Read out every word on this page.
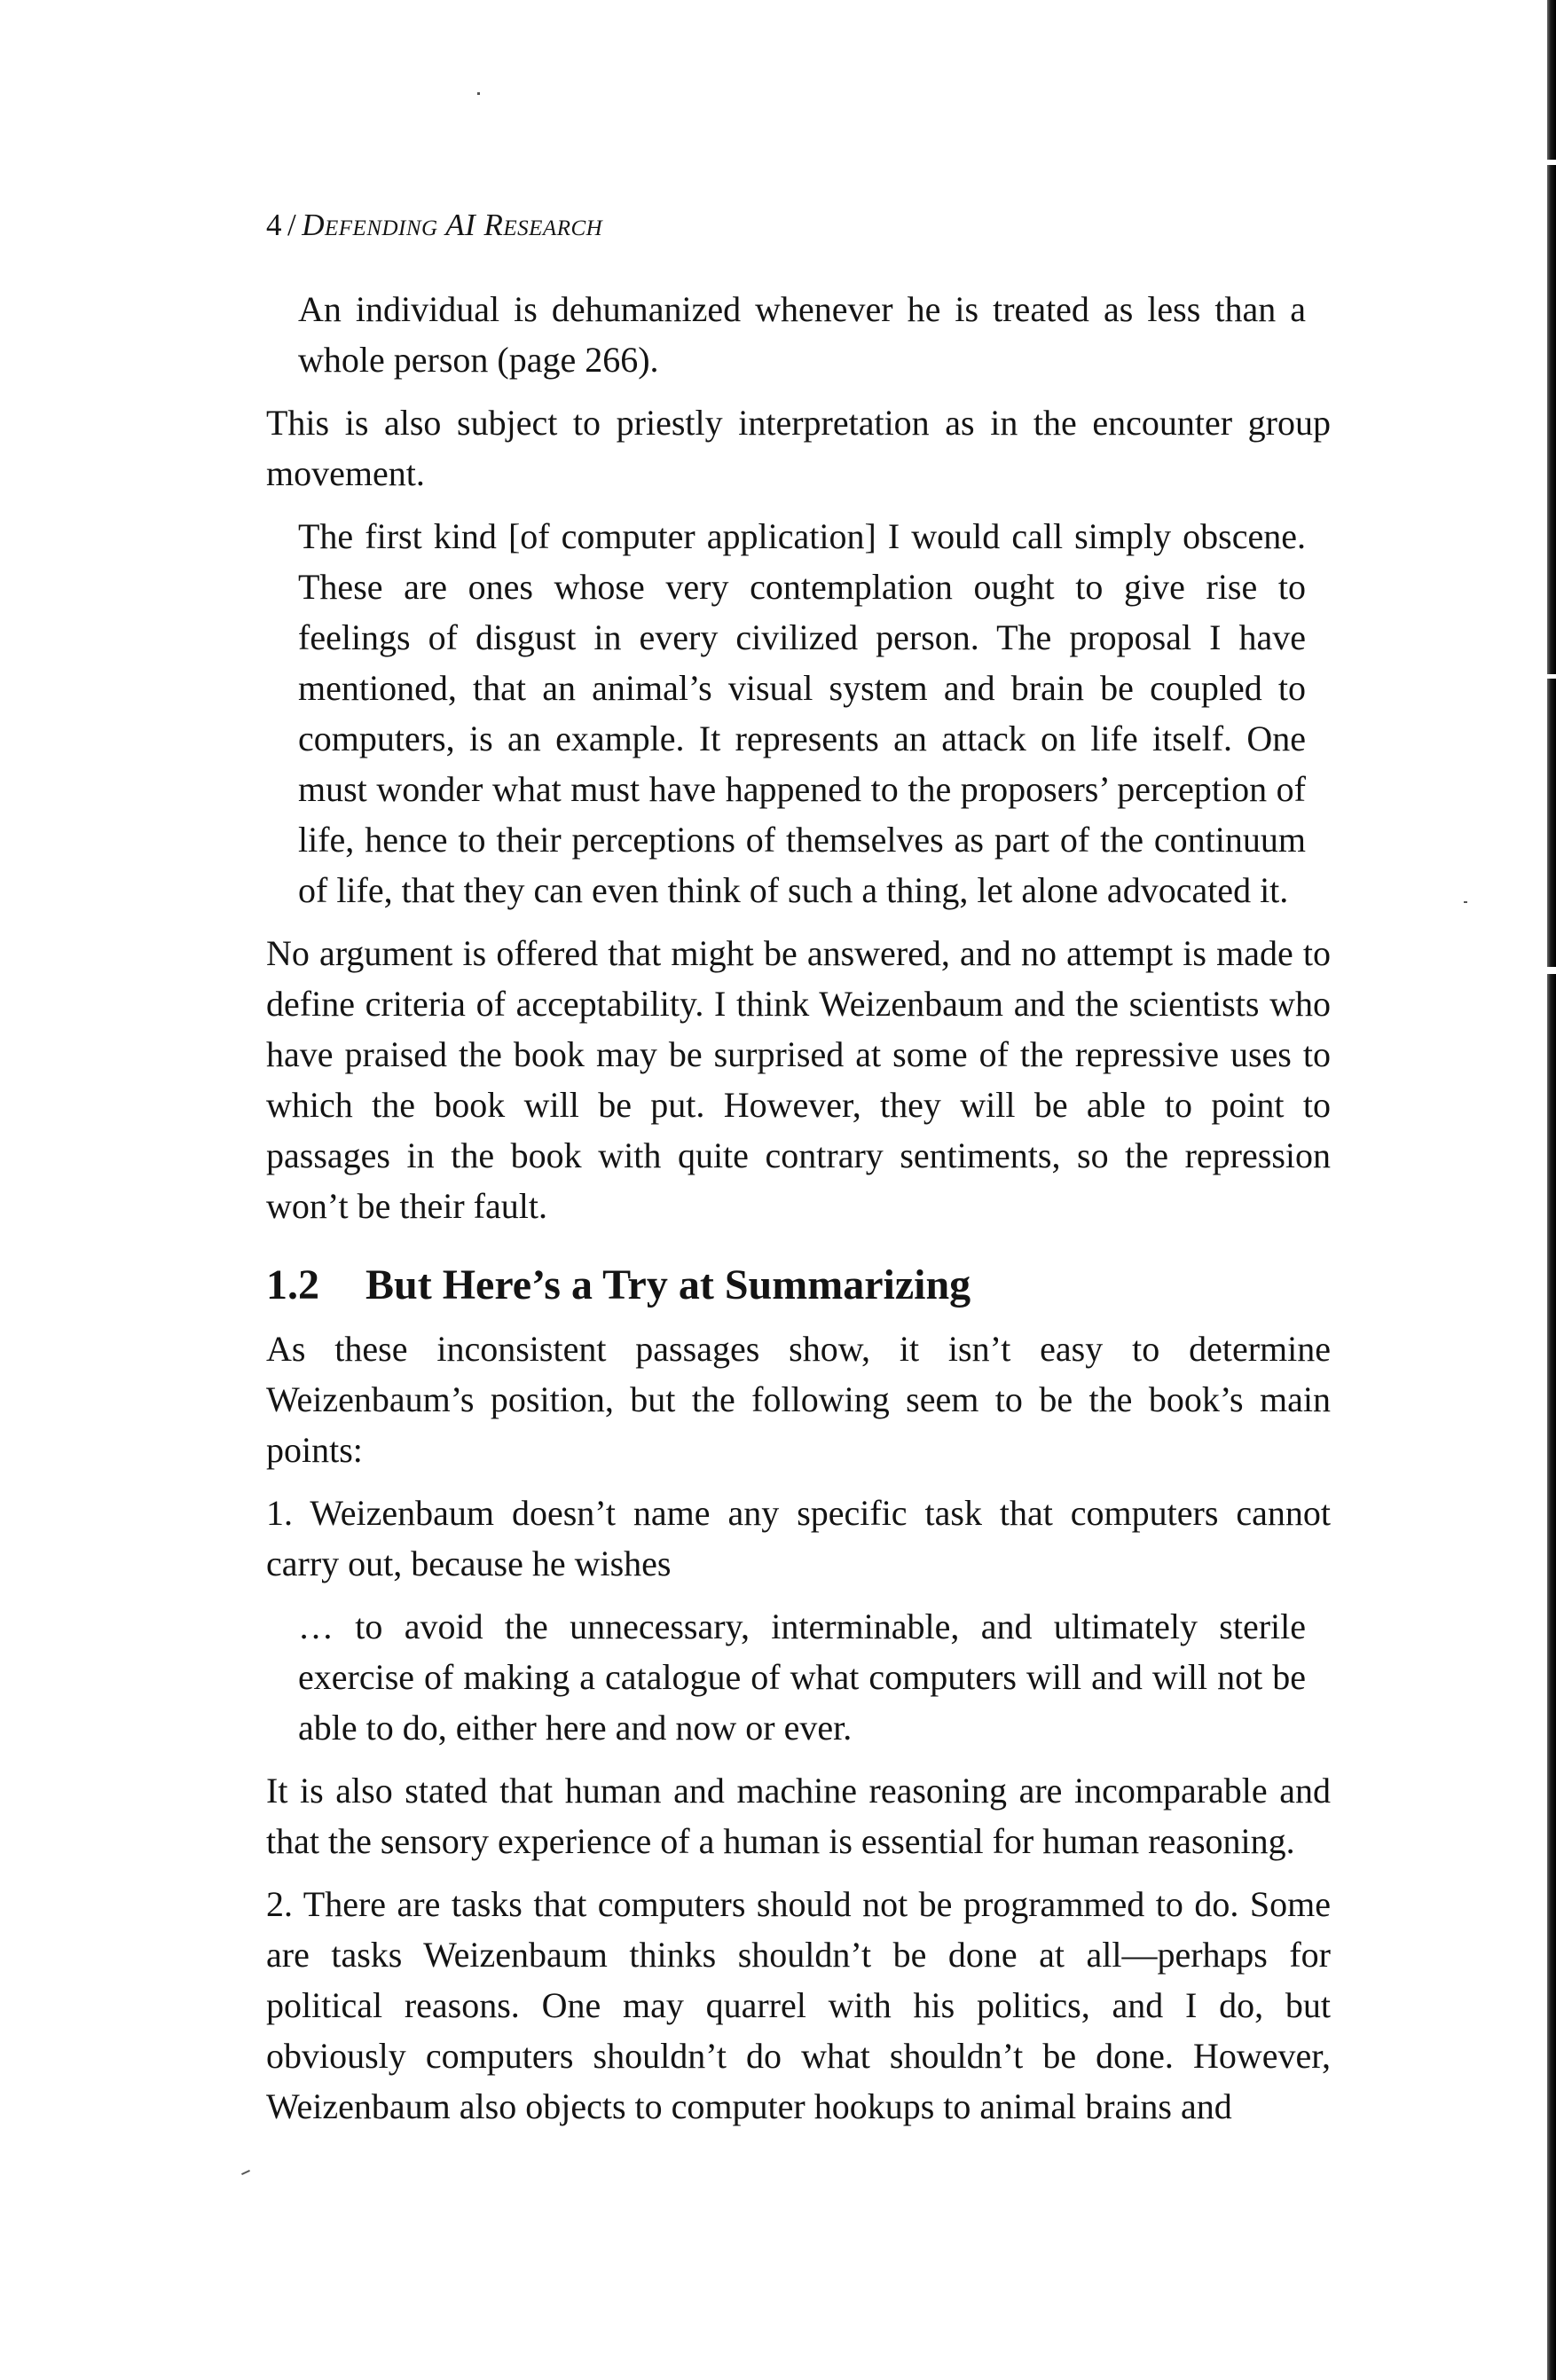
4 / Defending AI Research

An individual is dehumanized whenever he is treated as less than a whole person (page 266).

This is also subject to priestly interpretation as in the encounter group movement.

The first kind [of computer application] I would call simply obscene. These are ones whose very contemplation ought to give rise to feelings of disgust in every civilized person. The proposal I have mentioned, that an animal’s visual system and brain be coupled to computers, is an example. It represents an attack on life itself. One must wonder what must have happened to the proposers’ perception of life, hence to their perceptions of themselves as part of the continuum of life, that they can even think of such a thing, let alone advocated it.

No argument is offered that might be answered, and no attempt is made to define criteria of acceptability. I think Weizenbaum and the scientists who have praised the book may be surprised at some of the repressive uses to which the book will be put. However, they will be able to point to passages in the book with quite contrary sentiments, so the repression won’t be their fault.

1.2 But Here’s a Try at Summarizing

As these inconsistent passages show, it isn’t easy to determine Weizenbaum’s position, but the following seem to be the book’s main points:

1. Weizenbaum doesn’t name any specific task that computers cannot carry out, because he wishes

… to avoid the unnecessary, interminable, and ultimately sterile exercise of making a catalogue of what computers will and will not be able to do, either here and now or ever.

It is also stated that human and machine reasoning are incomparable and that the sensory experience of a human is essential for human reasoning.

2. There are tasks that computers should not be programmed to do. Some are tasks Weizenbaum thinks shouldn’t be done at all—perhaps for political reasons. One may quarrel with his politics, and I do, but obviously computers shouldn’t do what shouldn’t be done. However, Weizenbaum also objects to computer hookups to animal brains and
